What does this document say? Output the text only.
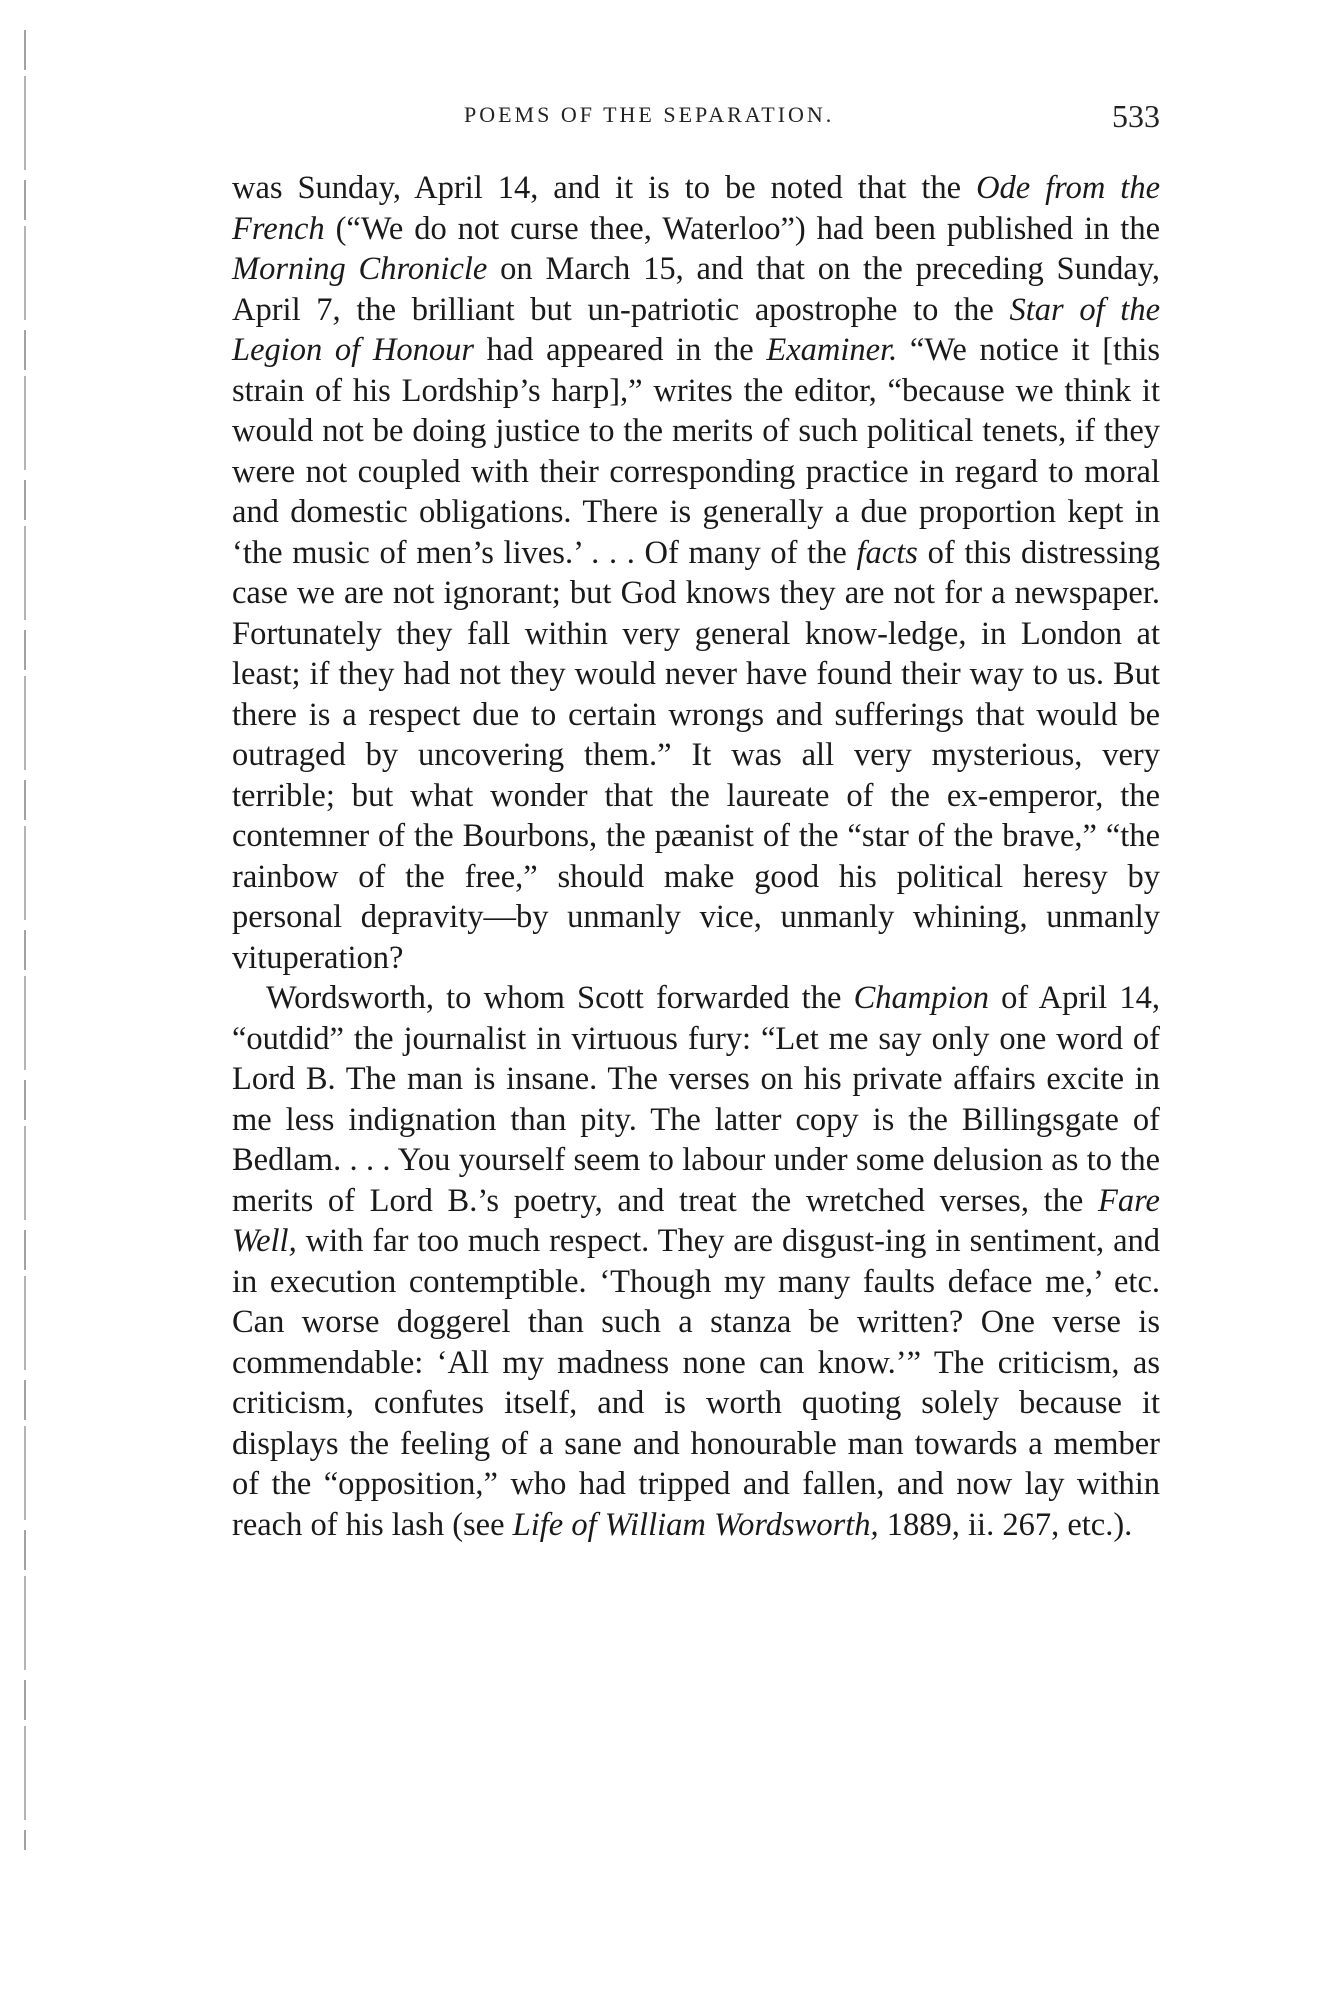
POEMS OF THE SEPARATION.	533

was Sunday, April 14, and it is to be noted that the Ode from the French (“We do not curse thee, Waterloo”) had been published in the Morning Chronicle on March 15, and that on the preceding Sunday, April 7, the brilliant but un-patriotic apostrophe to the Star of the Legion of Honour had appeared in the Examiner. “We notice it [this strain of his Lordship’s harp],” writes the editor, “because we think it would not be doing justice to the merits of such political tenets, if they were not coupled with their corresponding practice in regard to moral and domestic obligations. There is generally a due proportion kept in ‘the music of men’s lives.’ . . . Of many of the facts of this distressing case we are not ignorant; but God knows they are not for a newspaper. Fortunately they fall within very general know-ledge, in London at least; if they had not they would never have found their way to us. But there is a respect due to certain wrongs and sufferings that would be outraged by uncovering them.” It was all very mysterious, very terrible; but what wonder that the laureate of the ex-emperor, the contemner of the Bourbons, the pæanist of the “star of the brave,” “the rainbow of the free,” should make good his political heresy by personal depravity—by unmanly vice, unmanly whining, unmanly vituperation?

Wordsworth, to whom Scott forwarded the Champion of April 14, “outdid” the journalist in virtuous fury: “Let me say only one word of Lord B. The man is insane. The verses on his private affairs excite in me less indignation than pity. The latter copy is the Billingsgate of Bedlam. . . . You yourself seem to labour under some delusion as to the merits of Lord B.’s poetry, and treat the wretched verses, the Fare Well, with far too much respect. They are disgust-ing in sentiment, and in execution contemptible. ‘Though my many faults deface me,’ etc. Can worse doggerel than such a stanza be written? One verse is commendable: ‘All my madness none can know.’” The criticism, as criticism, confutes itself, and is worth quoting solely because it displays the feeling of a sane and honourable man towards a member of the “opposition,” who had tripped and fallen, and now lay within reach of his lash (see Life of William Wordsworth, 1889, ii. 267, etc.).
